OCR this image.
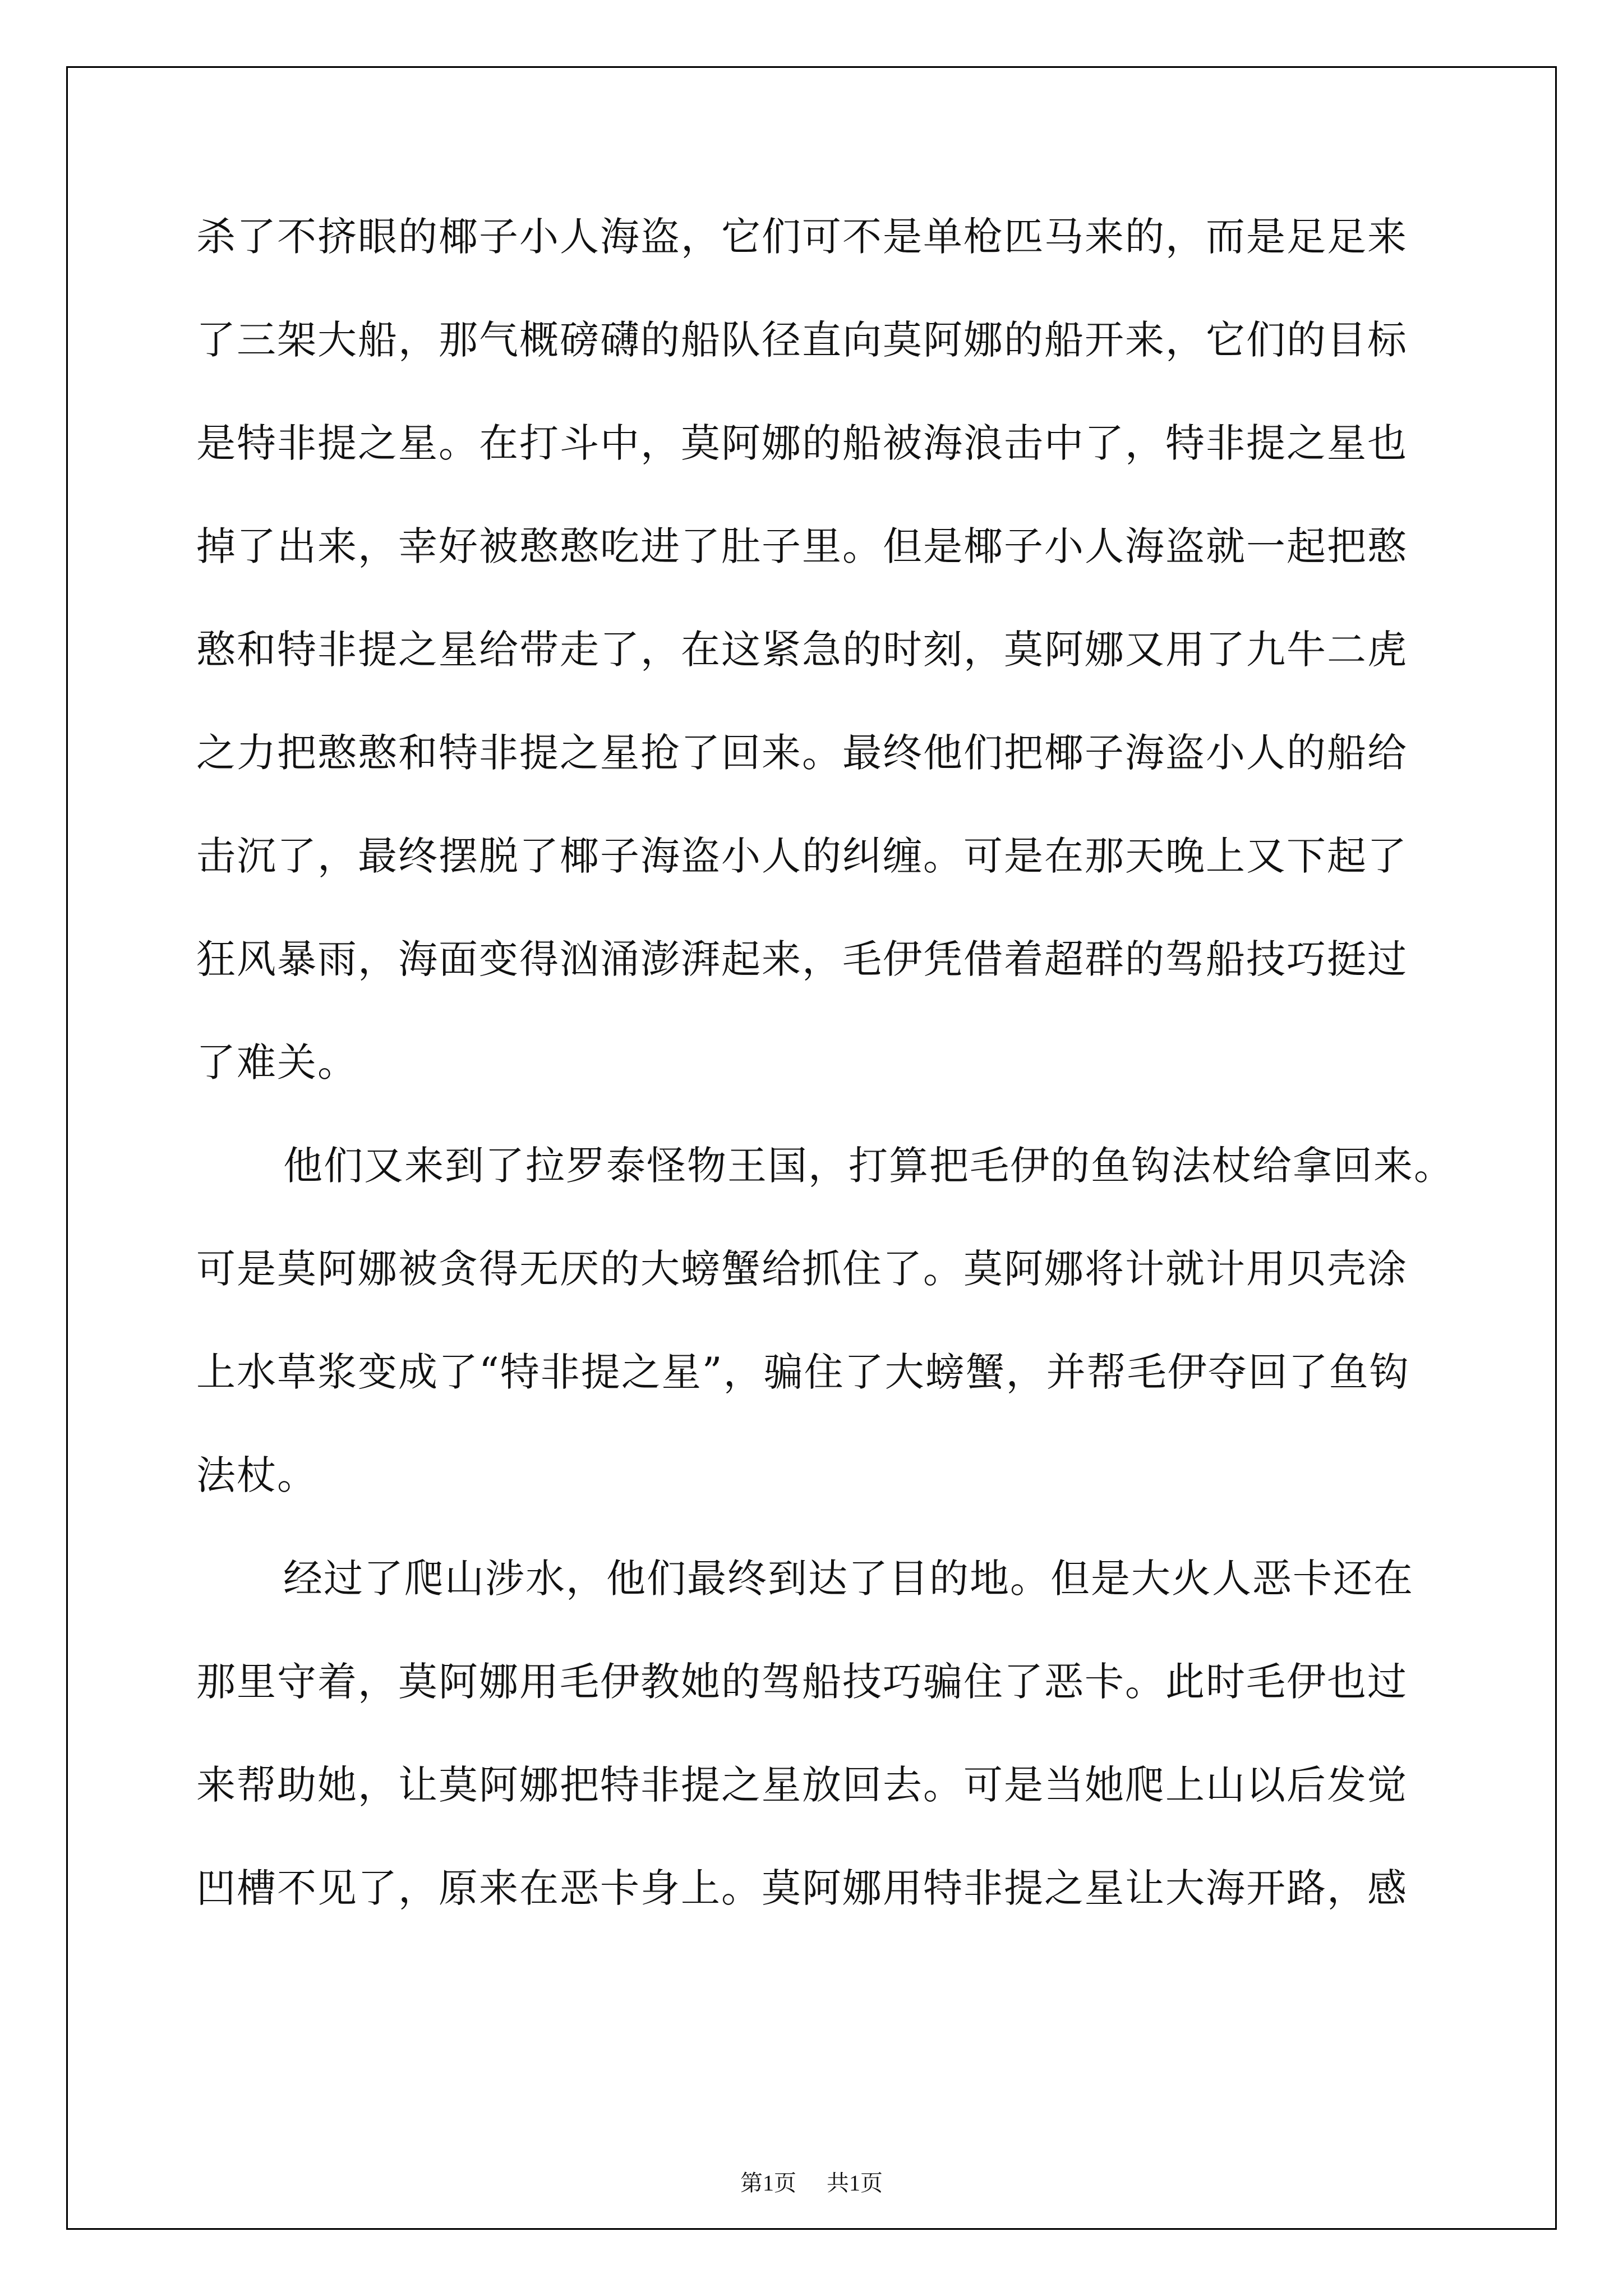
杀了不挤眼的椰子小人海盗，它们可不是单枪匹马来的，而是足足来
了三架大船，那气概磅礴的船队径直向莫阿娜的船开来，它们的目标
是特非提之星。在打斗中，莫阿娜的船被海浪击中了，特非提之星也
掉了出来，幸好被憨憨吃进了肚子里。但是椰子小人海盗就一起把憨
憨和特非提之星给带走了，在这紧急的时刻，莫阿娜又用了九牛二虎
之力把憨憨和特非提之星抢了回来。最终他们把椰子海盗小人的船给
击沉了，最终摆脱了椰子海盗小人的纠缠。可是在那天晚上又下起了
狂风暴雨，海面变得汹涌澎湃起来，毛伊凭借着超群的驾船技巧挺过
了难关。
他们又来到了拉罗泰怪物王国，打算把毛伊的鱼钩法杖给拿回来。
可是莫阿娜被贪得无厌的大螃蟹给抓住了。莫阿娜将计就计用贝壳涂
上水草浆变成了“特非提之星”，骗住了大螃蟹，并帮毛伊夺回了鱼钩
法杖。
经过了爬山涉水，他们最终到达了目的地。但是大火人恶卡还在
那里守着，莫阿娜用毛伊教她的驾船技巧骗住了恶卡。此时毛伊也过
来帮助她，让莫阿娜把特非提之星放回去。可是当她爬上山以后发觉
凹槽不见了，原来在恶卡身上。莫阿娜用特非提之星让大海开路，感
第1页 共1页
